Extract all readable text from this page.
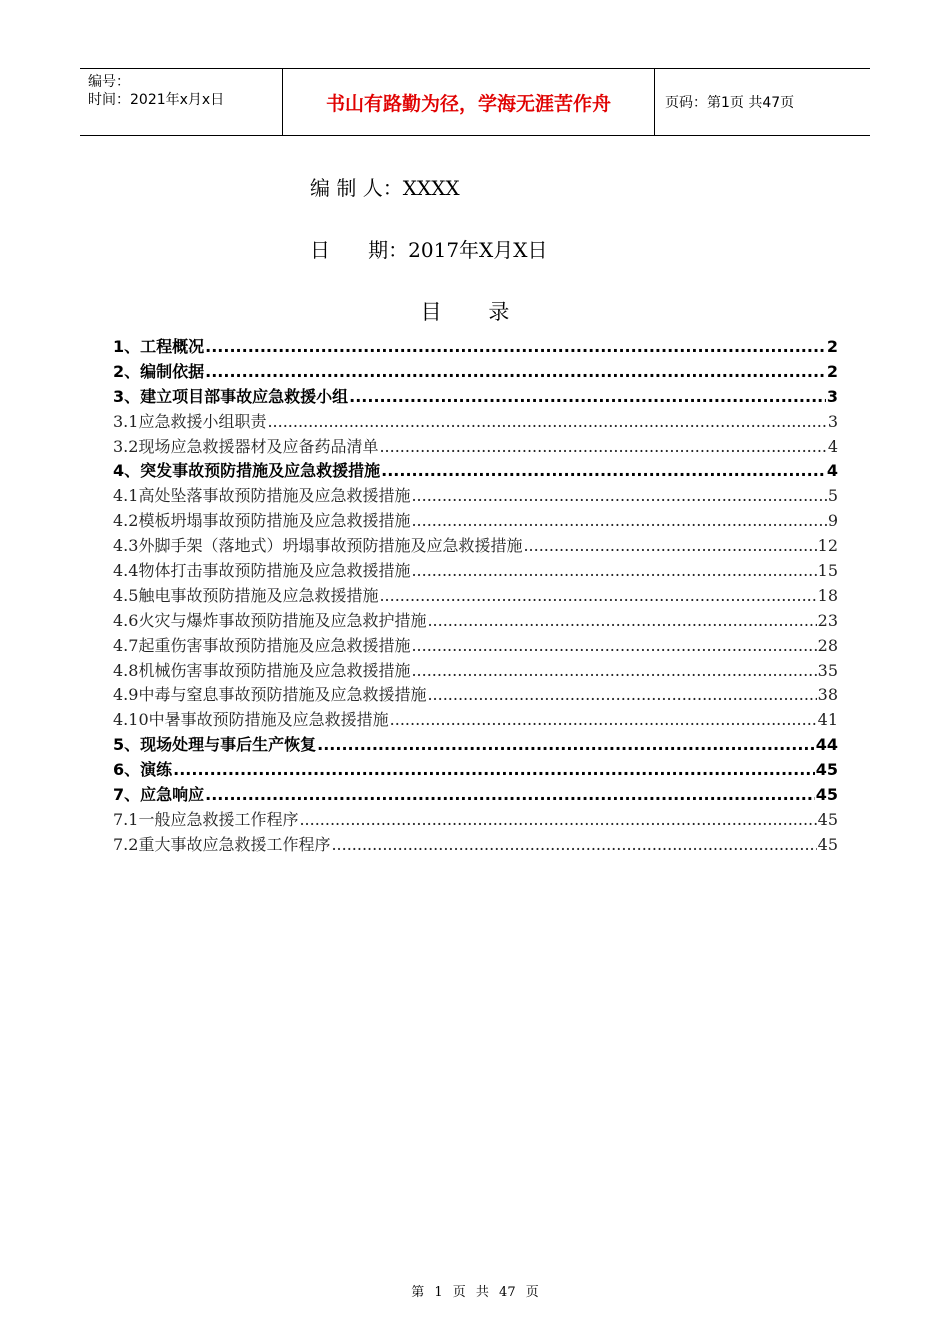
编号：
时间：2021年x月x日	书山有路勤为径，学海无涯苦作舟	页码：第1页 共47页
编 制 人：XXXX
日      期：2017年X月X日
目 录
1、工程概况 .....	2
2、编制依据 .....	2
3、建立项目部事故应急救援小组 .....	3
3.1应急救援小组职责 .....	3
3.2现场应急救援器材及应备药品清单 .....	4
4、突发事故预防措施及应急救援措施 .....	4
4.1高处坠落事故预防措施及应急救援措施 .....	5
4.2模板坍塌事故预防措施及应急救援措施 .....	9
4.3外脚手架（落地式）坍塌事故预防措施及应急救援措施 .....	12
4.4物体打击事故预防措施及应急救援措施 .....	15
4.5触电事故预防措施及应急救援措施 .....	18
4.6火灾与爆炸事故预防措施及应急救护措施 .....	23
4.7起重伤害事故预防措施及应急救援措施 .....	28
4.8机械伤害事故预防措施及应急救援措施 .....	35
4.9中毒与窒息事故预防措施及应急救援措施 .....	38
4.10中暑事故预防措施及应急救援措施 .....	41
5、现场处理与事后生产恢复 .....	44
6、演练 .....	45
7、应急响应 .....	45
7.1一般应急救援工作程序 .....	45
7.2重大事故应急救援工作程序 .....	45
第 1 页 共 47 页
